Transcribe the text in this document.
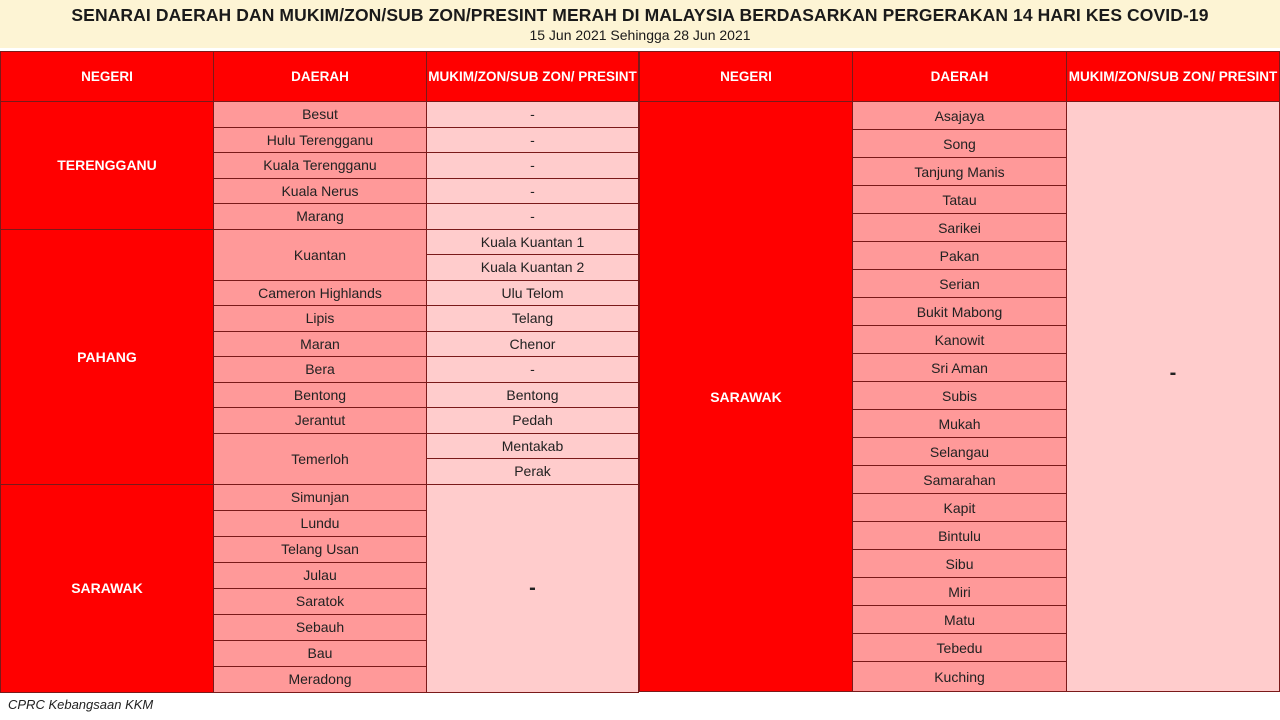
SENARAI DAERAH DAN MUKIM/ZON/SUB ZON/PRESINT MERAH DI MALAYSIA BERDASARKAN PERGERAKAN 14 HARI KES COVID-19
15 Jun 2021 Sehingga 28 Jun 2021
NEGERI	DAERAH	MUKIM/ZON/SUB ZON/ PRESINT
TERENGGANU	Besut	-
	Hulu Terengganu	-
	Kuala Terengganu	-
	Kuala Nerus	-
	Marang	-
PAHANG	Kuantan	Kuala Kuantan 1
		Kuala Kuantan 2
	Cameron Highlands	Ulu Telom
	Lipis	Telang
	Maran	Chenor
	Bera	-
	Bentong	Bentong
	Jerantut	Pedah
	Temerloh	Mentakab
		Perak
SARAWAK	Simunjan	-
	Lundu	
	Telang Usan	
	Julau	
	Saratok	
	Sebauh	
	Bau	
	Meradong	
NEGERI	DAERAH	MUKIM/ZON/SUB ZON/ PRESINT
SARAWAK	Asajaya	-
	Song	
	Tanjung Manis	
	Tatau	
	Sarikei	
	Pakan	
	Serian	
	Bukit Mabong	
	Kanowit	
	Sri Aman	
	Subis	
	Mukah	
	Selangau	
	Samarahan	
	Kapit	
	Bintulu	
	Sibu	
	Miri	
	Matu	
	Tebedu	
	Kuching	
CPRC Kebangsaan KKM
